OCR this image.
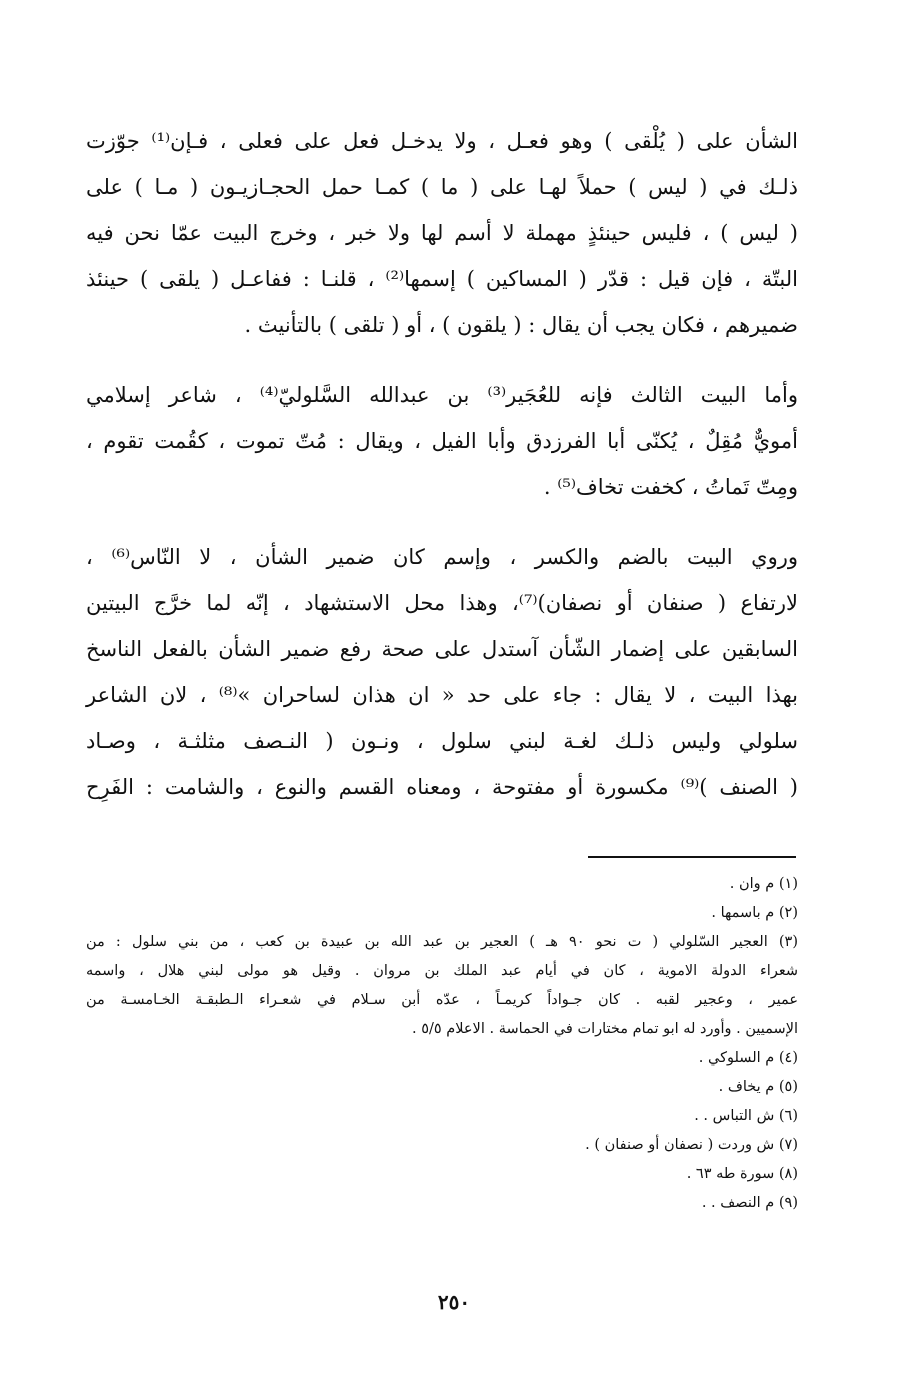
الشأن على ( يُلْقى ) وهو فعـل ، ولا يدخـل فعل على فعلى ، فـإن⁽¹⁾ جوّزت
ذلـك في ( ليس ) حملاً لهـا على ( ما ) كمـا حمل الحجـازيـون ( مـا ) على
( ليس ) ، فليس حينئذٍ مهملة لا أسم لها ولا خبر ، وخرج البيت عمّا نحن فيه
البتّة ، فإن قيل : قدّر ( المساكين ) إسمها⁽²⁾ ، قلنـا : ففاعـل ( يلقى ) حينئذ
ضميرهم ، فكان يجب أن يقال : ( يلقون ) ، أو ( تلقى ) بالتأنيث .
وأما البيت الثالث فإنه للعُجَير⁽³⁾ بن عبدالله السَّلوليّ⁽⁴⁾ ، شاعر إسلامي
أمويٌّ مُقِلٌ ، يُكنّى أبا الفرزدق وأبا الفيل ، ويقال : مُتّ تموت ، كقُمت تقوم ،
ومِتّ تَماتُ ، كخفت تخاف⁽⁵⁾ .
وروي البيت بالضم والكسر ، وإسم كان ضمير الشأن ، لا النّاس⁽⁶⁾ ،
لارتفاع ( صنفان أو نصفان)⁽⁷⁾، وهذا محل الاستشهاد ، إنّه لما خرَّج البيتين
السابقين على إضمار الشّأن آستدل على صحة رفع ضمير الشأن بالفعل الناسخ
بهذا البيت ، لا يقال : جاء على حد « ان هذان لساحران »⁽⁸⁾ ، لان الشاعر
سلولي وليس ذلـك لغـة لبني سلول ، ونـون ( النـصف مثلثـة ، وصـاد
( الصنف )⁽⁹⁾ مكسورة أو مفتوحة ، ومعناه القسم والنوع ، والشامت : الفَرِح
(١) م وان .
(٢) م باسمها .
(٣) العجير السّلولي ( ت نحو ٩٠ هـ ) العجير بن عبد الله بن عبيدة بن كعب ، من بني سلول : من
شعراء الدولة الاموية ، كان في أيام عبد الملك بن مروان . وقيل هو مولى لبني هلال ، واسمه
عمير ، وعجير لقبه . كان جـواداً كريمـاً ، عدّه أبن سـلام في شعـراء الـطبقـة الخـامسـة من
الإسميين . وأورد له ابو تمام مختارات في الحماسة . الاعلام ٥/٥ .
(٤) م السلوكي .
(٥) م يخاف .
(٦) ش التباس . .
(٧) ش وردت ( نصفان أو صنفان ) .
(٨) سورة طه ٦٣ .
(٩) م النصف . .
٢٥٠
